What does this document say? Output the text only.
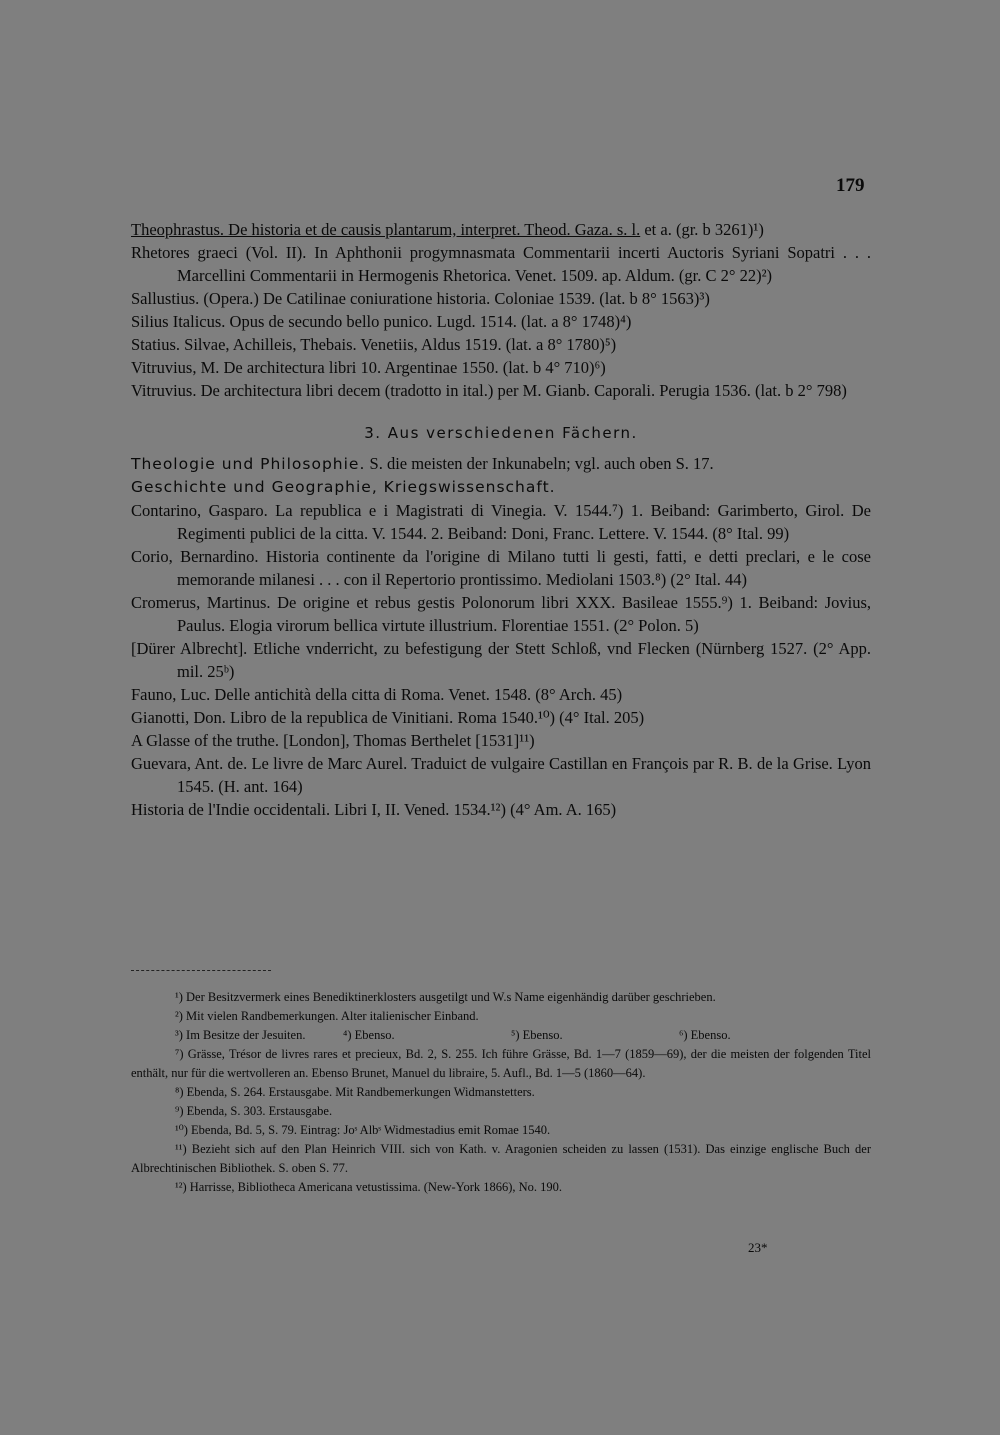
179
Theophrastus. De historia et de causis plantarum, interpret. Theod. Gaza. s. l. et a. (gr. b 3261)¹)
Rhetores graeci (Vol. II). In Aphthonii progymnasmata Commentarii incerti Auctoris Syriani Sopatri . . . Marcellini Commentarii in Hermogenis Rhetorica. Venet. 1509. ap. Aldum. (gr. C 2° 22)²)
Sallustius. (Opera.) De Catilinae coniuratione historia. Coloniae 1539. (lat. b 8° 1563)³)
Silius Italicus. Opus de secundo bello punico. Lugd. 1514. (lat. a 8° 1748)⁴)
Statius. Silvae, Achilleis, Thebais. Venetiis, Aldus 1519. (lat. a 8° 1780)⁵)
Vitruvius, M. De architectura libri 10. Argentinae 1550. (lat. b 4° 710)⁶)
Vitruvius. De architectura libri decem (tradotto in ital.) per M. Gianb. Caporali. Perugia 1536. (lat. b 2° 798)
3. Aus verschiedenen Fächern.
Theologie und Philosophie. S. die meisten der Inkunabeln; vgl. auch oben S. 17.
Geschichte und Geographie, Kriegswissenschaft.
Contarino, Gasparo. La republica e i Magistrati di Vinegia. V. 1544.⁷) 1. Beiband: Garimberto, Girol. De Regimenti publici de la citta. V. 1544. 2. Beiband: Doni, Franc. Lettere. V. 1544. (8° Ital. 99)
Corio, Bernardino. Historia continente da l'origine di Milano tutti li gesti, fatti, e detti preclari, e le cose memorande milanesi . . . con il Repertorio prontissimo. Mediolani 1503.⁸) (2° Ital. 44)
Cromerus, Martinus. De origine et rebus gestis Polonorum libri XXX. Basileae 1555.⁹) 1. Beiband: Jovius, Paulus. Elogia virorum bellica virtute illustrium. Florentiae 1551. (2° Polon. 5)
[Dürer Albrecht]. Etliche vnderricht, zu befestigung der Stett Schloß, vnd Flecken (Nürnberg 1527. (2° App. mil. 25ᵇ)
Fauno, Luc. Delle antichità della citta di Roma. Venet. 1548. (8° Arch. 45)
Gianotti, Don. Libro de la republica de Vinitiani. Roma 1540.¹⁰) (4° Ital. 205)
A Glasse of the truthe. [London], Thomas Berthelet [1531]¹¹)
Guevara, Ant. de. Le livre de Marc Aurel. Traduict de vulgaire Castillan en François par R. B. de la Grise. Lyon 1545. (H. ant. 164)
Historia de l'Indie occidentali. Libri I, II. Vened. 1534.¹²) (4° Am. A. 165)
¹) Der Besitzvermerk eines Benediktinerklosters ausgetilgt und W.s Name eigenhändig darüber geschrieben.
²) Mit vielen Randbemerkungen. Alter italienischer Einband.
³) Im Besitze der Jesuiten.	⁴) Ebenso.	⁵) Ebenso.	⁶) Ebenso.
⁷) Grässe, Trésor de livres rares et precieux, Bd. 2, S. 255. Ich führe Grässe, Bd. 1—7 (1859—69), der die meisten der folgenden Titel enthält, nur für die wertvolleren an. Ebenso Brunet, Manuel du libraire, 5. Aufl., Bd. 1—5 (1860—64).
⁸) Ebenda, S. 264. Erstausgabe. Mit Randbemerkungen Widmanstetters.
⁹) Ebenda, S. 303. Erstausgabe.
¹⁰) Ebenda, Bd. 5, S. 79. Eintrag: Joˢ Albˢ Widmestadius emit Romae 1540.
¹¹) Bezieht sich auf den Plan Heinrich VIII. sich von Kath. v. Aragonien scheiden zu lassen (1531). Das einzige englische Buch der Albrechtinischen Bibliothek. S. oben S. 77.
¹²) Harrisse, Bibliotheca Americana vetustissima. (New-York 1866), No. 190.
23*
